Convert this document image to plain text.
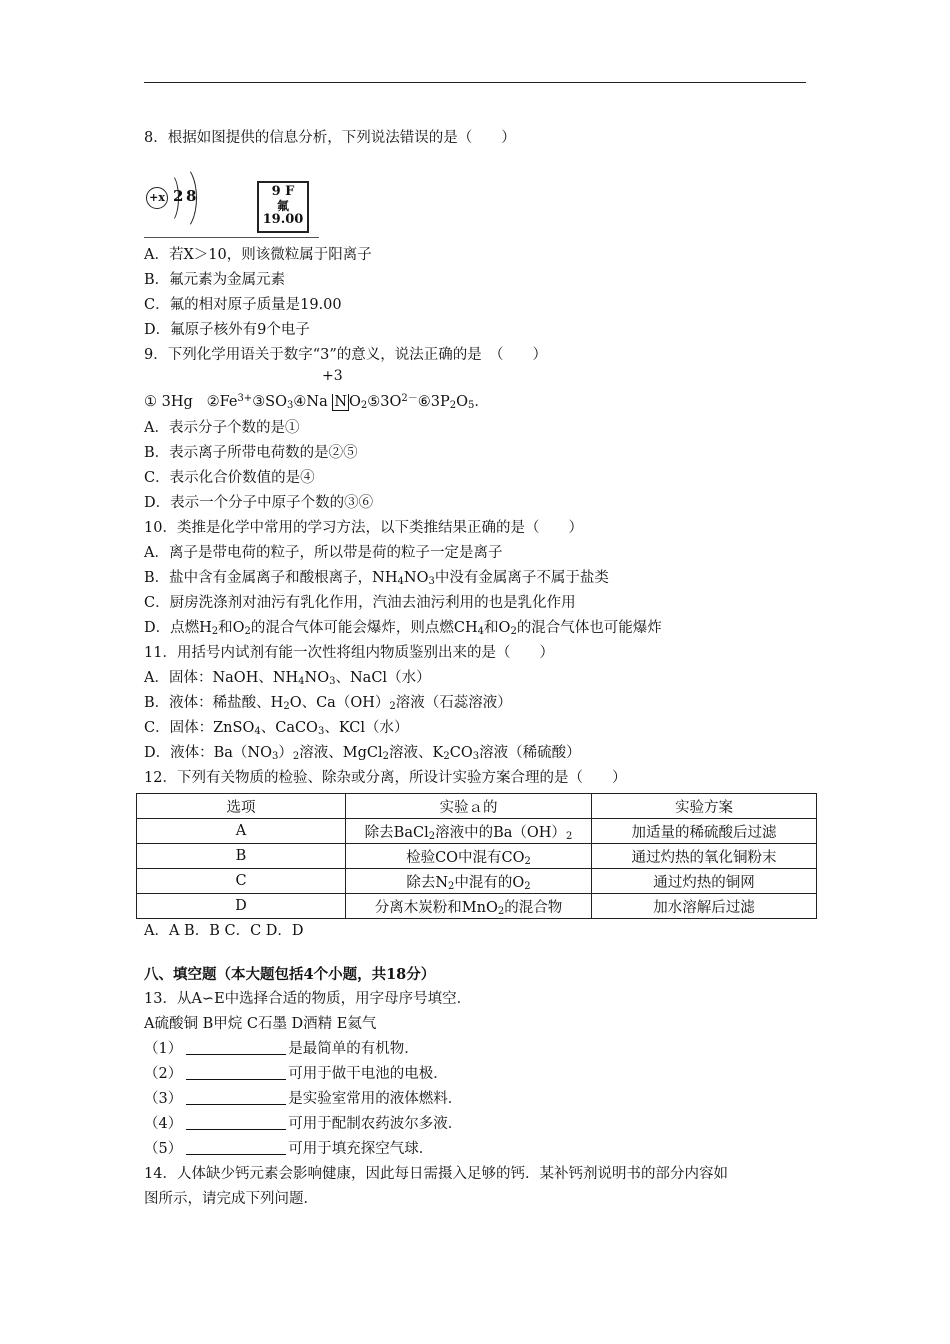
8．根据如图提供的信息分析，下列说法错误的是（　　）
+x 2 8	9 F
氟
19.00
A．若X＞10，则该微粒属于阳离子
B．氟元素为金属元素
C．氟的相对原子质量是19.00
D．氟原子核外有9个电子
9．下列化学用语关于数字“3”的意义，说法正确的是　（　　）
+3
① 3Hg   $②Fe^{3+}③SO_3④Na$ N $O_2⑤3O^{2-}⑥3P_2O_5$．
A．表示分子个数的是①
B．表示离子所带电荷数的是②⑤
C．表示化合价数值的是④
D．表示一个分子中原子个数的③⑥
10．类推是化学中常用的学习方法，以下类推结果正确的是（　　）
A．离子是带电荷的粒子，所以带是荷的粒子一定是离子
B．盐中含有金属离子和酸根离子，$NH_4NO_3$中没有金属离子不属于盐类
C．厨房洗涤剂对油污有乳化作用，汽油去油污利用的也是乳化作用
D．点燃$H_2$和$O_2$的混合气体可能会爆炸，则点燃$CH_4$和$O_2$的混合气体也可能爆炸
11．用括号内试剂有能一次性将组内物质鉴别出来的是（　　）
A．固体：NaOH、$NH_4NO_3$、NaCl（水）
B．液体：稀盐酸、$H_2O$、$Ca(OH)_2$溶液（石蕊溶液）
C．固体：ZnSO$_4$、CaCO$_3$、KCl（水）
D．液体：$Ba(NO_3)_2$溶液、MgCl$_2$溶液、$K_2CO_3$溶液（稀硫酸）
12．下列有关物质的检验、除杂或分离，所设计实验方案合理的是（　　）
选项	实验ａ的	实验方案
A	除去BaCl$_2$溶液中的$Ba(OH)_2$	加适量的稀硫酸后过滤
B	检验CO中混有$CO_2$	通过灼热的氧化铜粉末
C	除去$N_2$中混有的$O_2$	通过灼热的铜网
D	分离木炭粉和MnO$_2$的混合物	加水溶解后过滤
A．A B．B C．C D．D
八、填空题（本大题包括4个小题，共18分）
13．从A∽E中选择合适的物质，用字母序号填空．
A硫酸铜 B甲烷 C石墨 D酒精 E氦气
（1）	是最简单的有机物．
（2）	可用于做干电池的电极．
（3）	是实验室常用的液体燃料．
（4）	可用于配制农药波尔多液．
（5）	可用于填充探空气球．
14．人体缺少钙元素会影响健康，因此每日需摄入足够的钙．某补钙剂说明书的部分内容如
图所示，请完成下列问题．
